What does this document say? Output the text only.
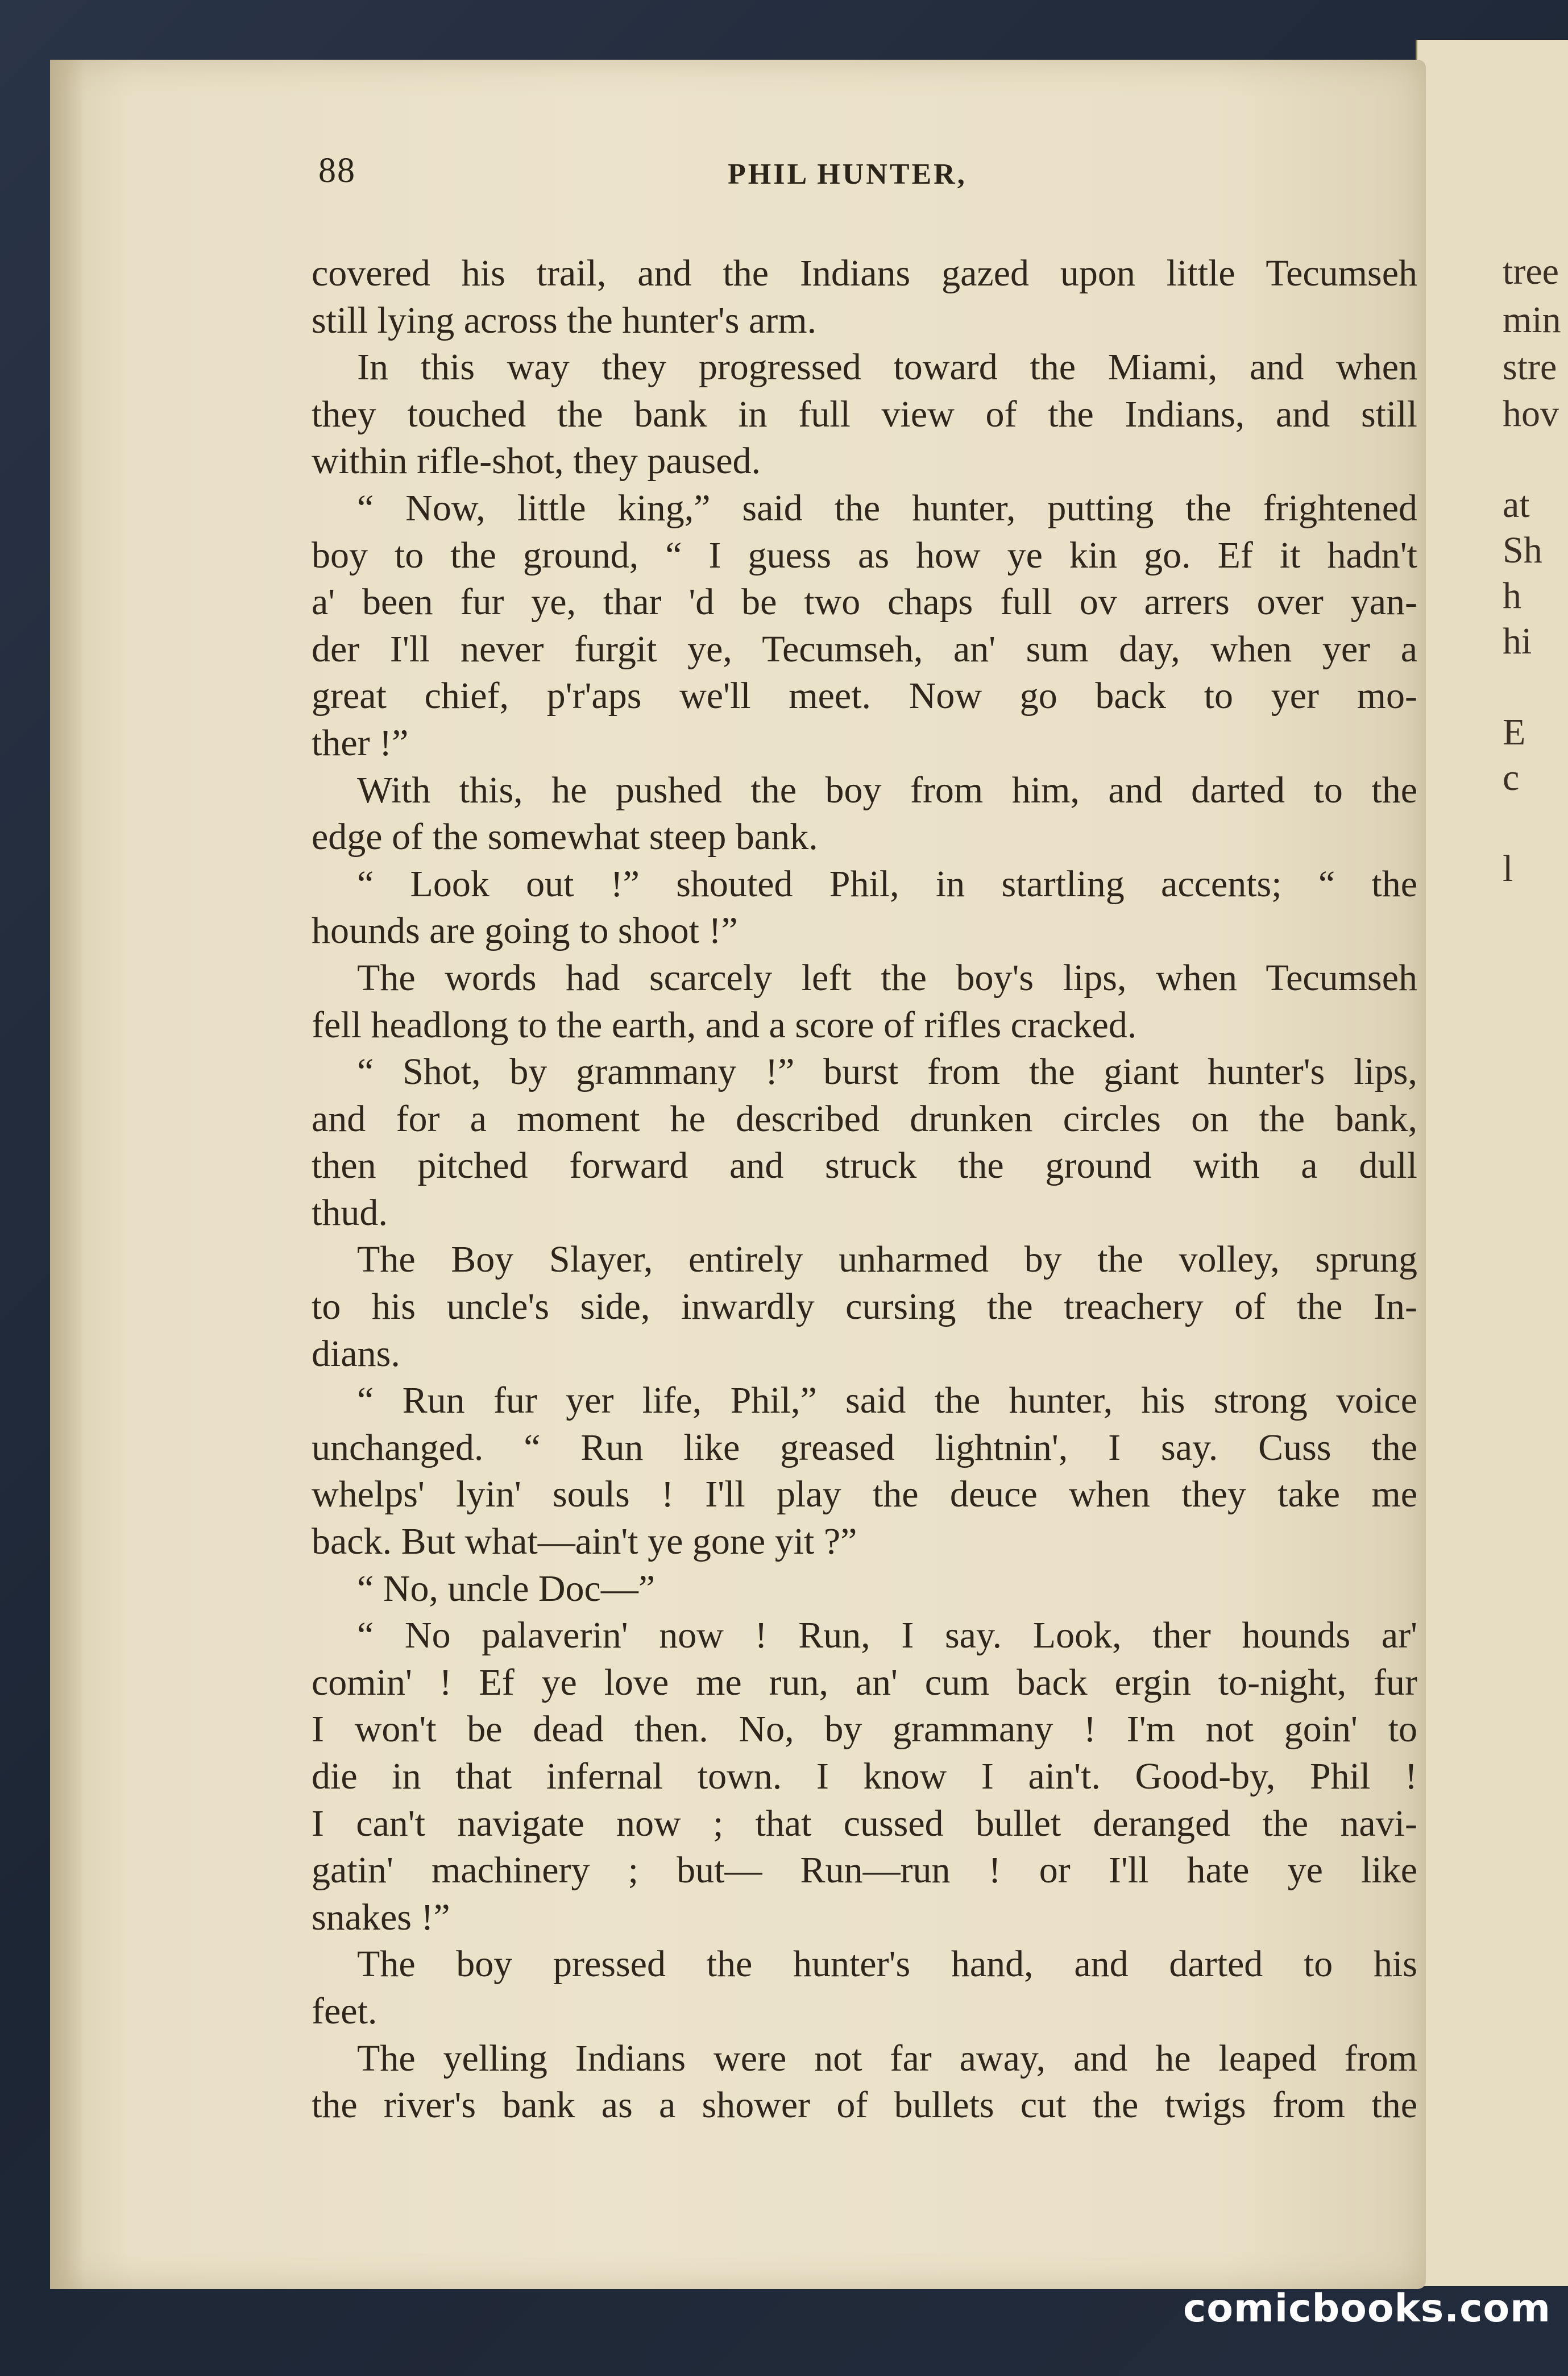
tree
min
stre
hov
at
Sh
h
hi
E
c
l
88	PHIL HUNTER,
covered his trail, and the Indians gazed upon little Tecumseh
still lying across the hunter's arm.
In this way they progressed toward the Miami, and when
they touched the bank in full view of the Indians, and still
within rifle-shot, they paused.
“ Now, little king,” said the hunter, putting the frightened
boy to the ground, “ I guess as how ye kin go. Ef it hadn't
a' been fur ye, thar 'd be two chaps full ov arrers over yan-
der I'll never furgit ye, Tecumseh, an' sum day, when yer a
great chief, p'r'aps we'll meet. Now go back to yer mo-
ther !”
With this, he pushed the boy from him, and darted to the
edge of the somewhat steep bank.
“ Look out !” shouted Phil, in startling accents; “ the
hounds are going to shoot !”
The words had scarcely left the boy's lips, when Tecumseh
fell headlong to the earth, and a score of rifles cracked.
“ Shot, by grammany !” burst from the giant hunter's lips,
and for a moment he described drunken circles on the bank,
then pitched forward and struck the ground with a dull
thud.
The Boy Slayer, entirely unharmed by the volley, sprung
to his uncle's side, inwardly cursing the treachery of the In-
dians.
“ Run fur yer life, Phil,” said the hunter, his strong voice
unchanged. “ Run like greased lightnin', I say. Cuss the
whelps' lyin' souls ! I'll play the deuce when they take me
back. But what—ain't ye gone yit ?”
“ No, uncle Doc—”
“ No palaverin' now ! Run, I say. Look, ther hounds ar'
comin' ! Ef ye love me run, an' cum back ergin to-night, fur
I won't be dead then. No, by grammany ! I'm not goin' to
die in that infernal town. I know I ain't. Good-by, Phil !
I can't navigate now ; that cussed bullet deranged the navi-
gatin' machinery ; but— Run—run ! or I'll hate ye like
snakes !”
The boy pressed the hunter's hand, and darted to his
feet.
The yelling Indians were not far away, and he leaped from
the river's bank as a shower of bullets cut the twigs from the
comicbooks.com
